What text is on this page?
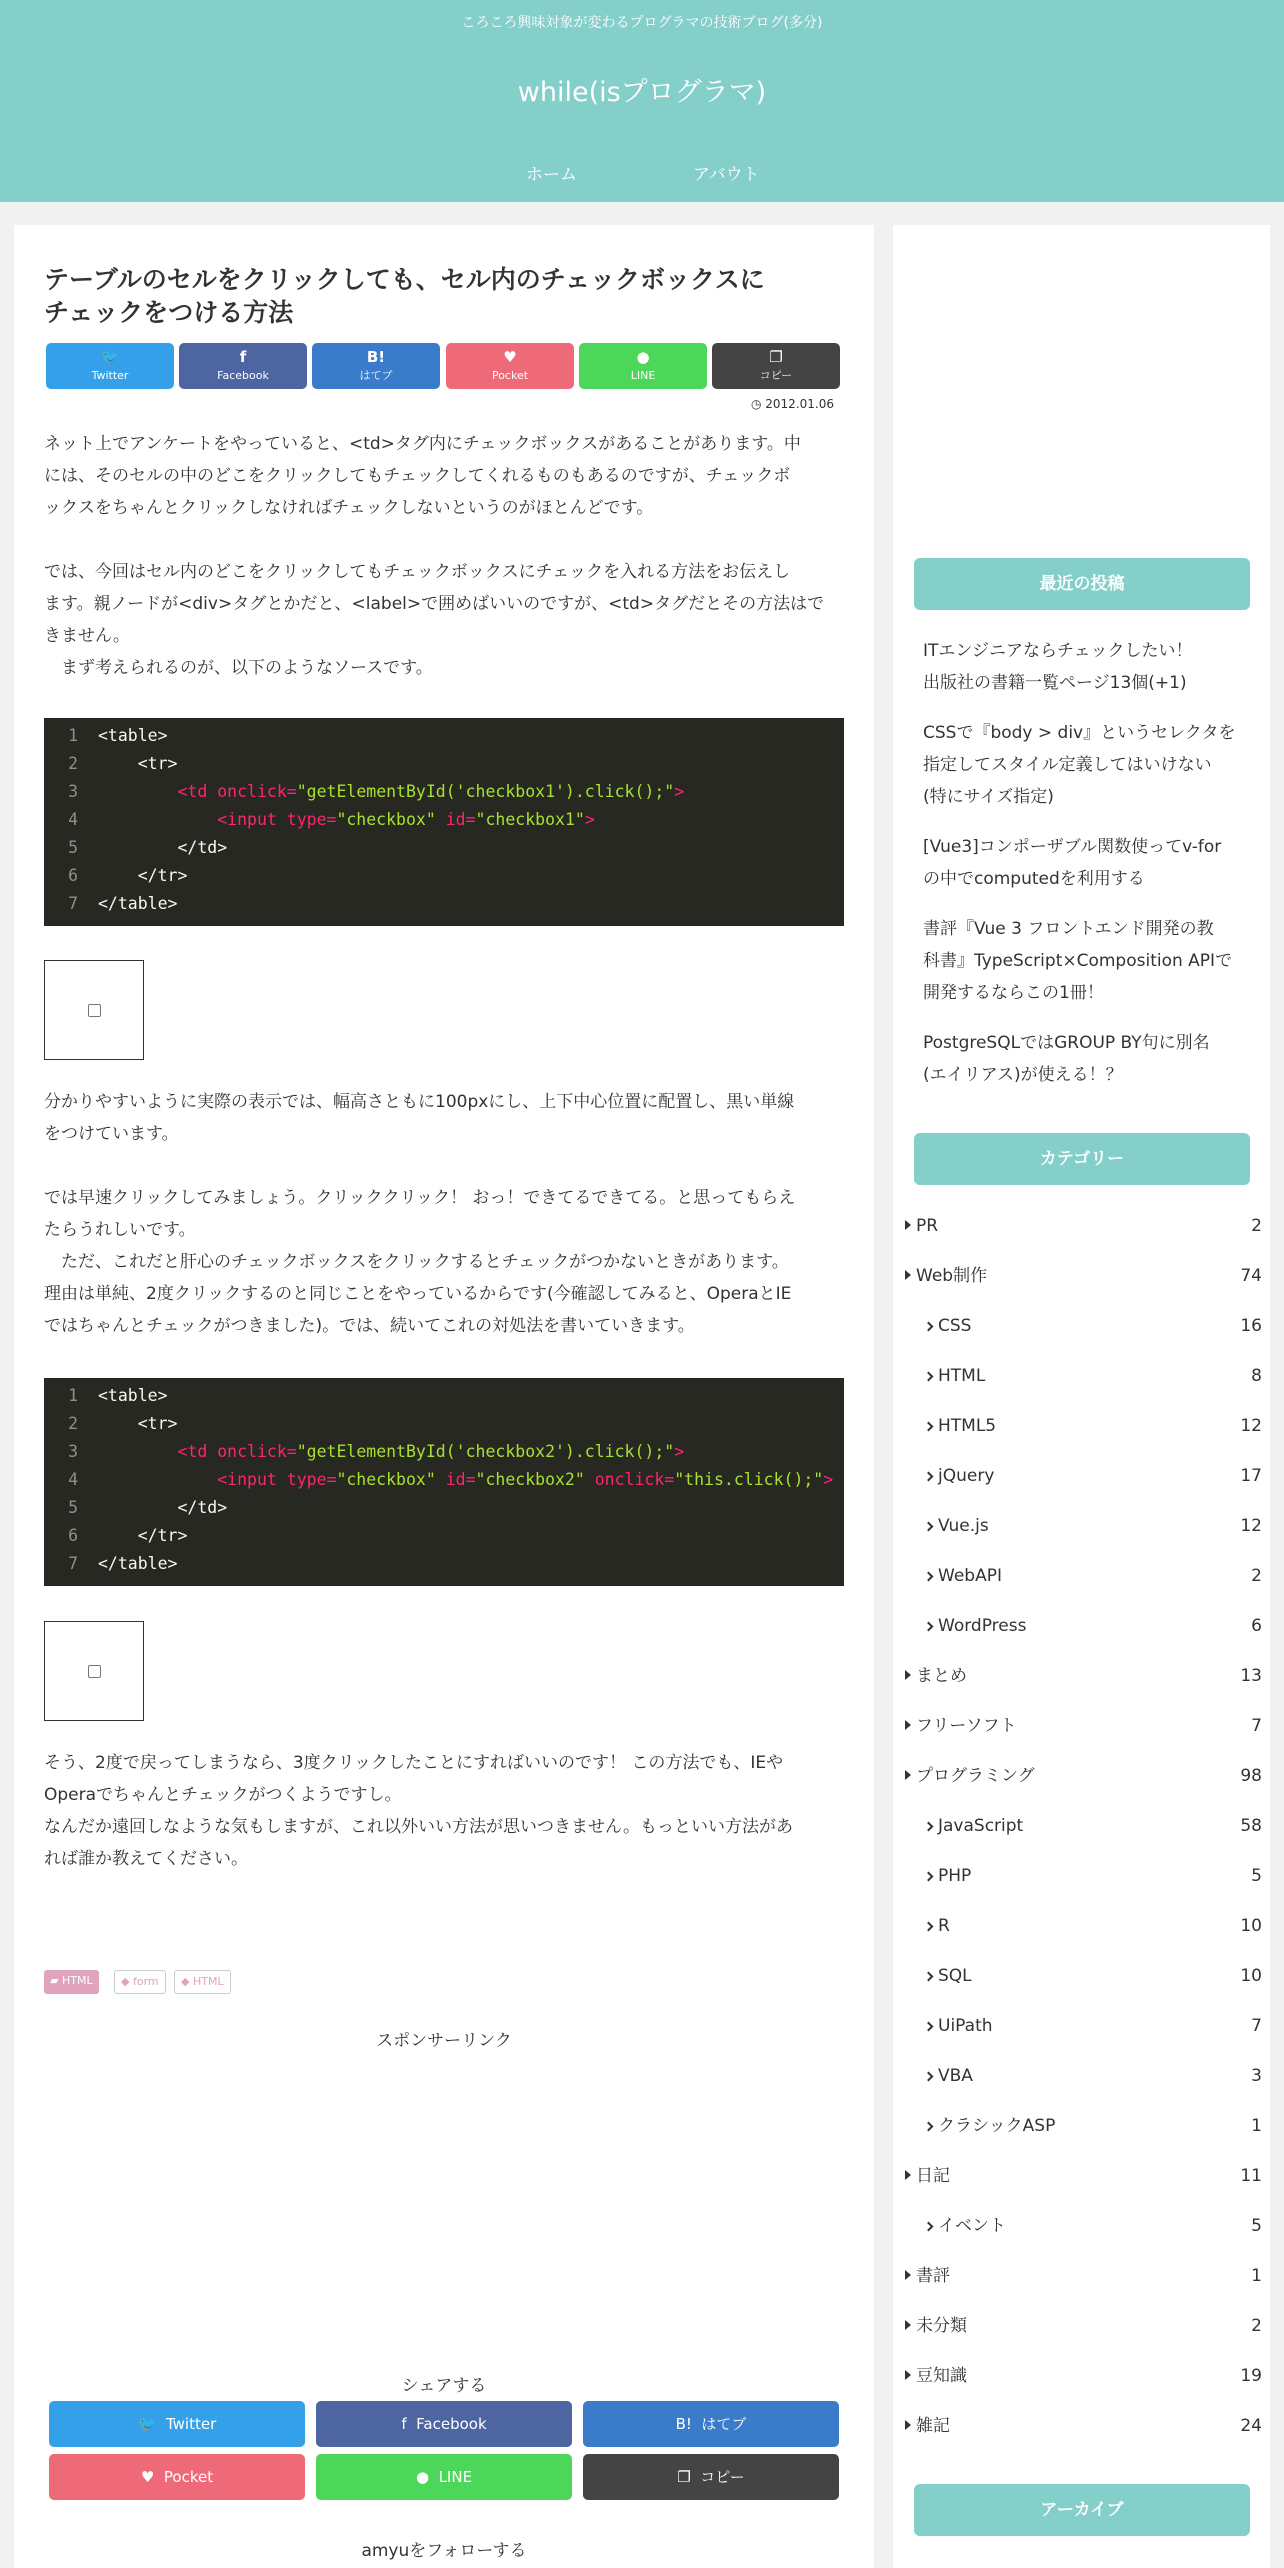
ころころ興味対象が変わるプログラマの技術ブログ(多分)
while(isプログラマ)
ホーム	アバウト
テーブルのセルをクリックしても、セル内のチェックボックスに
チェックをつける方法
🐦
Twitter
f
Facebook
B!
はてブ
♥
Pocket
●
LINE
❐
コピー
◷ 2012.01.06
ネット上でアンケートをやっていると、<td>タグ内にチェックボックスがあることがあります。中
には、そのセルの中のどこをクリックしてもチェックしてくれるものもあるのですが、チェックボ
ックスをちゃんとクリックしなければチェックしないというのがほとんどです。
では、今回はセル内のどこをクリックしてもチェックボックスにチェックを入れる方法をお伝えし
ます。親ノードが<div>タグとかだと、<label>で囲めばいいのですが、<td>タグだとその方法はで
きません。
　まず考えられるのが、以下のようなソースです。
1
2
3
4
5
6
7
<table>
<tr>
<td onclick="getElementById('checkbox1').click();">
<input type="checkbox" id="checkbox1">
</td>
</tr>
</table>
分かりやすいように実際の表示では、幅高さともに100pxにし、上下中心位置に配置し、黒い単線
をつけています。
では早速クリックしてみましょう。クリッククリック！ おっ！できてるできてる。と思ってもらえ
たらうれしいです。
　ただ、これだと肝心のチェックボックスをクリックするとチェックがつかないときがあります。
理由は単純、2度クリックするのと同じことをやっているからです(今確認してみると、OperaとIE
ではちゃんとチェックがつきました)。では、続いてこれの対処法を書いていきます。
1
2
3
4
5
6
7
<table>
<tr>
<td onclick="getElementById('checkbox2').click();">
<input type="checkbox" id="checkbox2" onclick="this.click();">
</td>
</tr>
</table>
そう、2度で戻ってしまうなら、3度クリックしたことにすればいいのです！ この方法でも、IEや
Operaでちゃんとチェックがつくようですし。
なんだか遠回しなような気もしますが、これ以外いい方法が思いつきません。もっといい方法があ
れば誰か教えてください。
▰ HTML	◆ form	◆ HTML
スポンサーリンク
シェアする
🐦 Twitter	f Facebook	B! はてブ
♥ Pocket	● LINE	❐ コピー
amyuをフォローする
最近の投稿
ITエンジニアならチェックしたい！
出版社の書籍一覧ページ13個(+1)
CSSで『body > div』というセレクタを
指定してスタイル定義してはいけない
(特にサイズ指定)
[Vue3]コンポーザブル関数使ってv-for
の中でcomputedを利用する
書評『Vue 3 フロントエンド開発の教
科書』TypeScript×Composition APIで
開発するならこの1冊！
PostgreSQLではGROUP BY句に別名
(エイリアス)が使える！？
カテゴリー
PR	2
Web制作	74
CSS	16
HTML	8
HTML5	12
jQuery	17
Vue.js	12
WebAPI	2
WordPress	6
まとめ	13
フリーソフト	7
プログラミング	98
JavaScript	58
PHP	5
R	10
SQL	10
UiPath	7
VBA	3
クラシックASP	1
日記	11
イベント	5
書評	1
未分類	2
豆知識	19
雑記	24
アーカイブ
